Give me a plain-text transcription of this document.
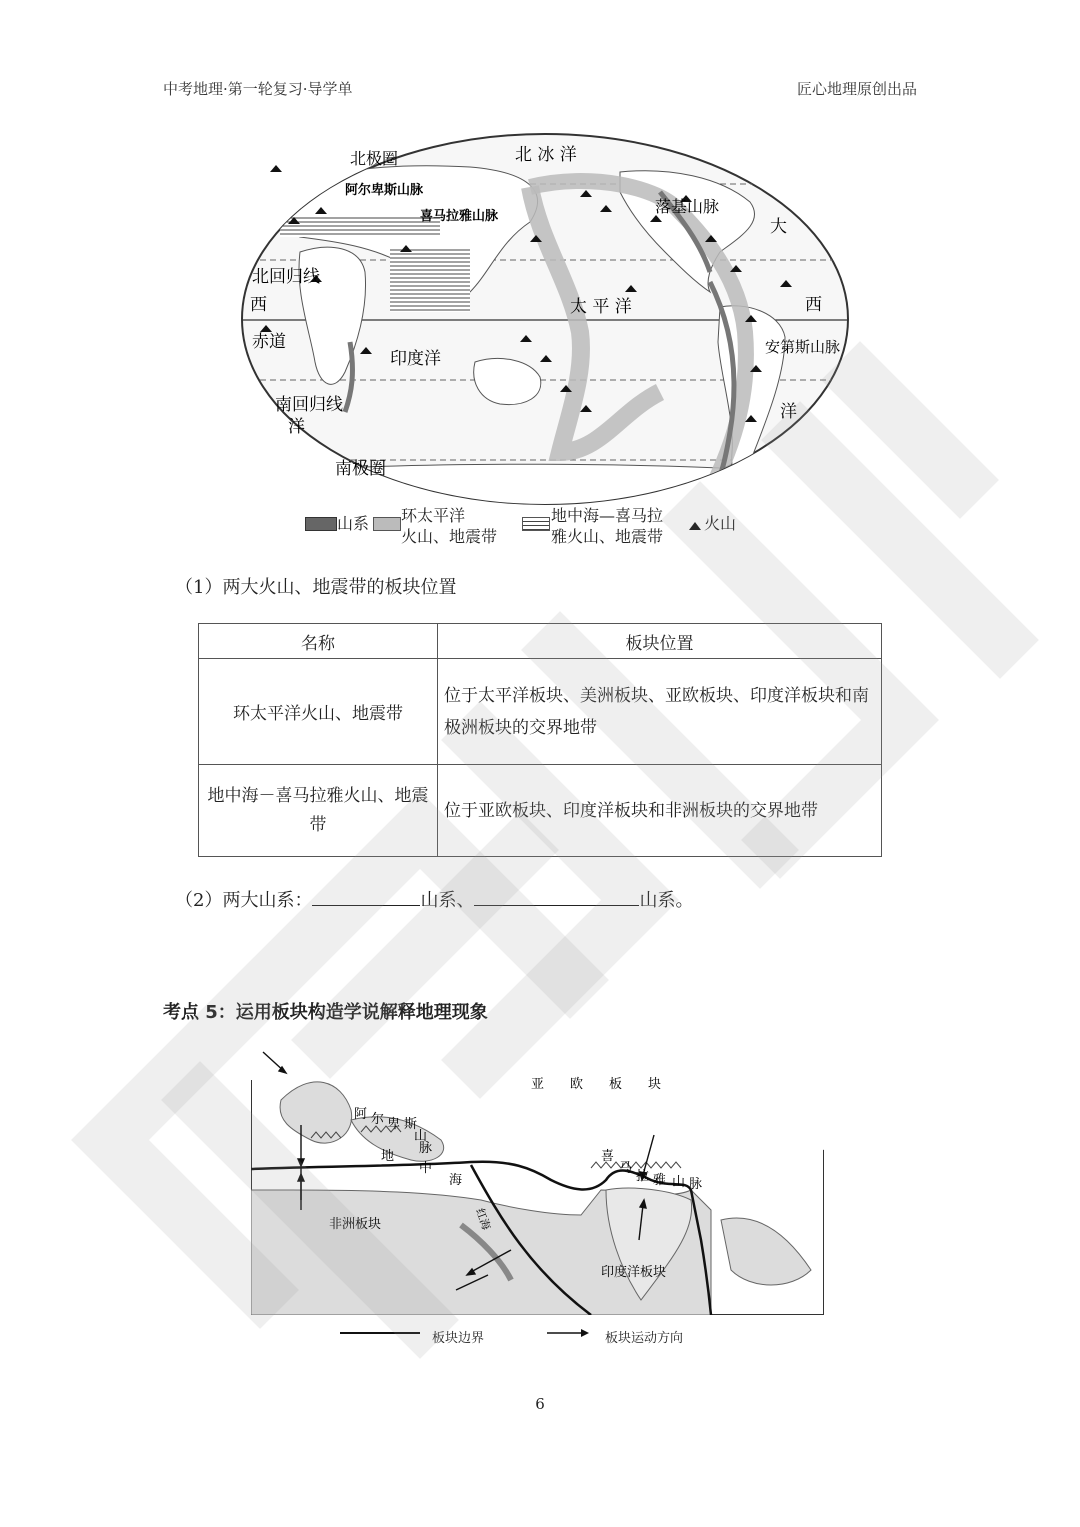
中考地理·第一轮复习·导学单	匠心地理原创出品
北 冰 洋
北极圈
阿尔卑斯山脉
喜马拉雅山脉
落基山脉
大
西
西
北回归线
太 平 洋
赤道
印度洋
安第斯山脉
洋
洋
南回归线
南极圈
山系 环太平洋
火山、地震带
地中海—喜马拉
雅火山、地震带
火山
（1）两大火山、地震带的板块位置
名称	板块位置
环太平洋火山、地震带	位于太平洋板块、美洲板块、亚欧板块、印度洋板块和南极洲板块的交界地带
地中海－喜马拉雅火山、地震带	位于亚欧板块、印度洋板块和非洲板块的交界地带
（2）两大山系：	山系、	山系。
考点 5：运用板块构造学说解释地理现象
亚　　欧　　板　　块
阿 尔 卑 斯
山
脉
地
中
海
红海
非洲板块
喜
马
拉 雅 山 脉
印度洋板块
板块边界	板块运动方向
6
